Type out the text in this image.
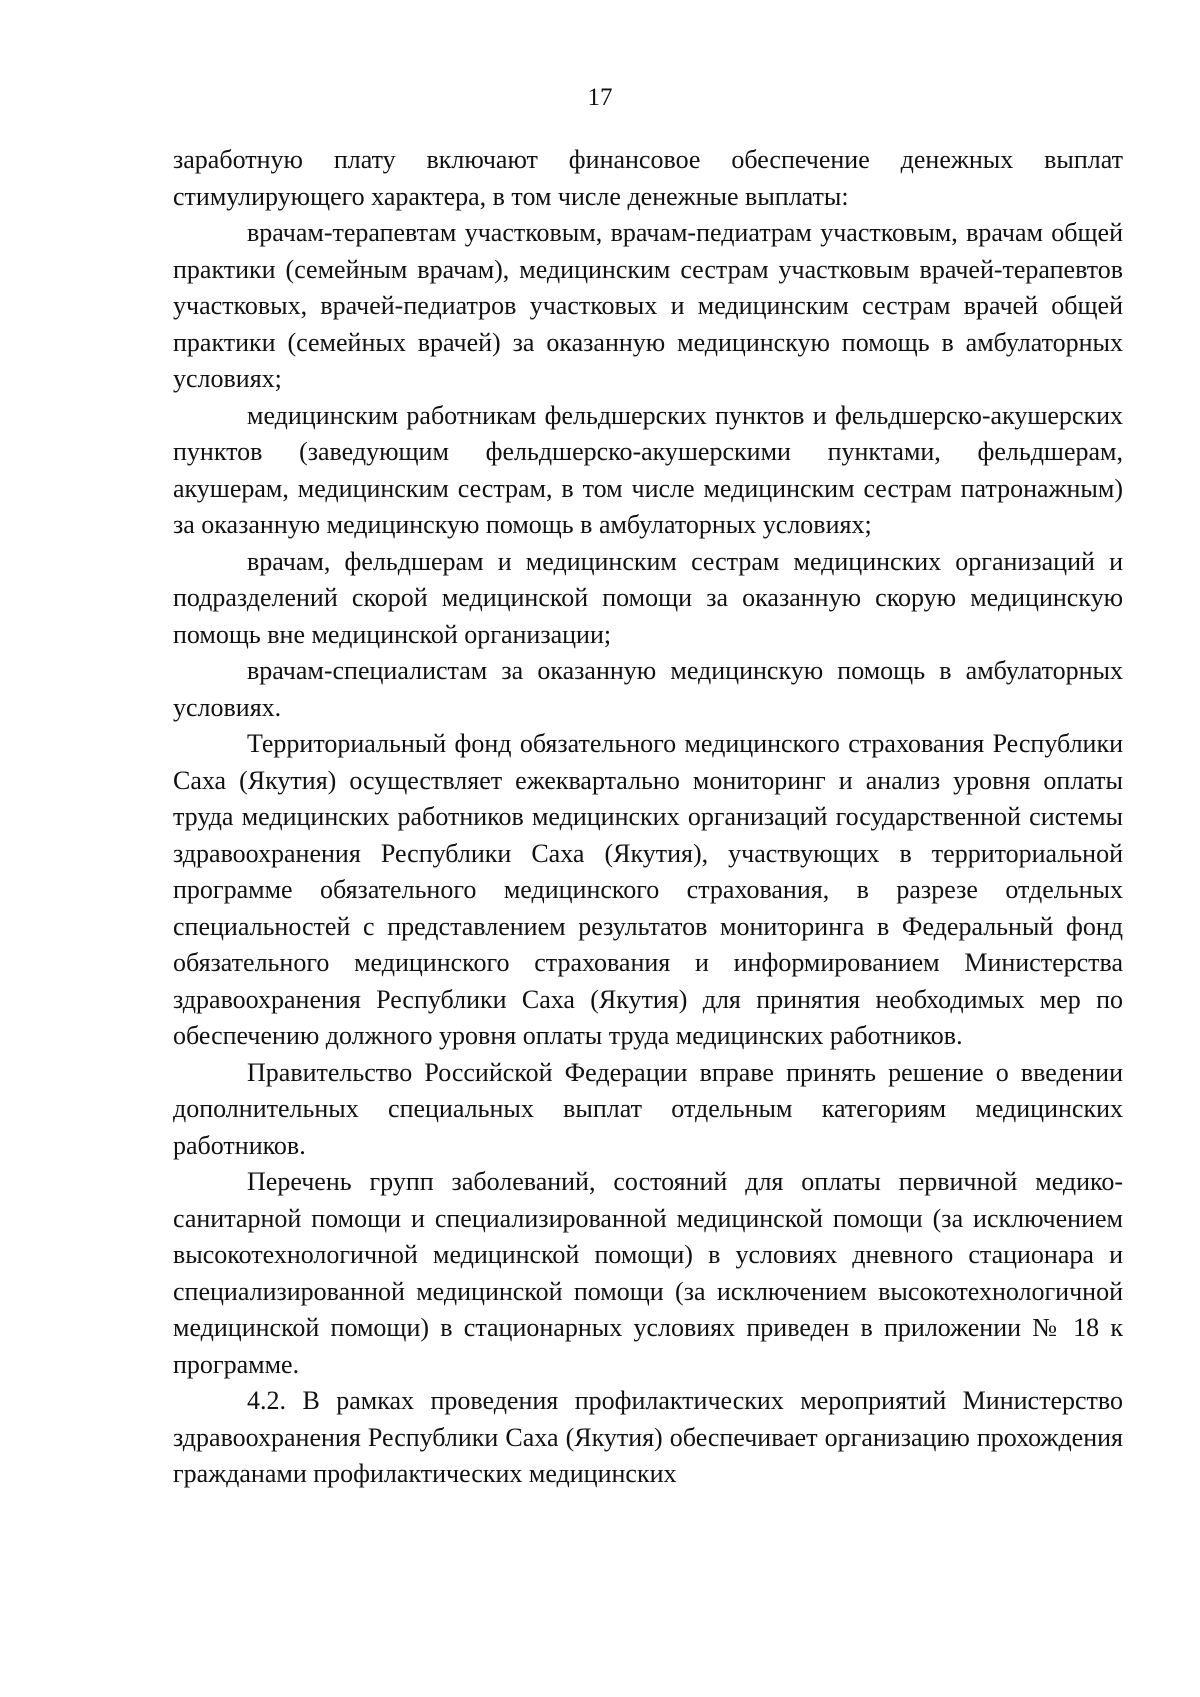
17

заработную плату включают финансовое обеспечение денежных выплат стимулирующего характера, в том числе денежные выплаты:

врачам-терапевтам участковым, врачам-педиатрам участковым, врачам общей практики (семейным врачам), медицинским сестрам участковым врачей-терапевтов участковых, врачей-педиатров участковых и медицинским сестрам врачей общей практики (семейных врачей) за оказанную медицинскую помощь в амбулаторных условиях;

медицинским работникам фельдшерских пунктов и фельдшерско-акушерских пунктов (заведующим фельдшерско-акушерскими пунктами, фельдшерам, акушерам, медицинским сестрам, в том числе медицинским сестрам патронажным) за оказанную медицинскую помощь в амбулаторных условиях;

врачам, фельдшерам и медицинским сестрам медицинских организаций и подразделений скорой медицинской помощи за оказанную скорую медицинскую помощь вне медицинской организации;

врачам-специалистам за оказанную медицинскую помощь в амбулаторных условиях.

Территориальный фонд обязательного медицинского страхования Республики Саха (Якутия) осуществляет ежеквартально мониторинг и анализ уровня оплаты труда медицинских работников медицинских организаций государственной системы здравоохранения Республики Саха (Якутия), участвующих в территориальной программе обязательного медицинского страхования, в разрезе отдельных специальностей с представлением результатов мониторинга в Федеральный фонд обязательного медицинского страхования и информированием Министерства здравоохранения Республики Саха (Якутия) для принятия необходимых мер по обеспечению должного уровня оплаты труда медицинских работников.

Правительство Российской Федерации вправе принять решение о введении дополнительных специальных выплат отдельным категориям медицинских работников.

Перечень групп заболеваний, состояний для оплаты первичной медико-санитарной помощи и специализированной медицинской помощи (за исключением высокотехнологичной медицинской помощи) в условиях дневного стационара и специализированной медицинской помощи (за исключением высокотехнологичной медицинской помощи) в стационарных условиях приведен в приложении № 18 к программе.

4.2. В рамках проведения профилактических мероприятий Министерство здравоохранения Республики Саха (Якутия) обеспечивает организацию прохождения гражданами профилактических медицинских
